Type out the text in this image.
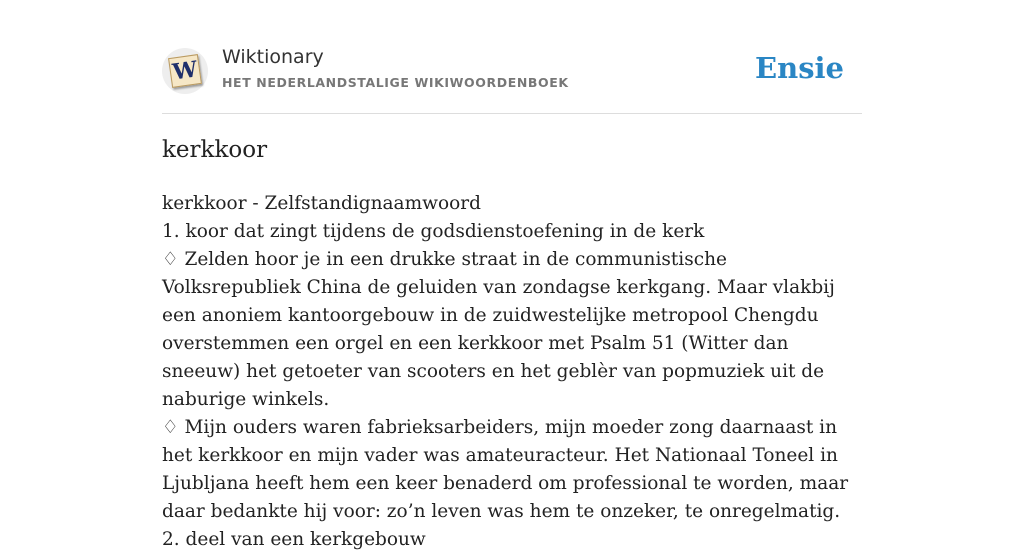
W Wiktionary
HET NEDERLANDSTALIGE WIKIWOORDENBOEK	Ensie
kerkkoor
kerkkoor - Zelfstandignaamwoord
1. koor dat zingt tijdens de godsdienstoefening in de kerk
♢ Zelden hoor je in een drukke straat in de communistische Volksrepubliek China de geluiden van zondagse kerkgang. Maar vlakbij een anoniem kantoorgebouw in de zuidwestelijke metropool Chengdu overstemmen een orgel en een kerkkoor met Psalm 51 (Witter dan sneeuw) het getoeter van scooters en het geblèr van popmuziek uit de naburige winkels.
♢ Mijn ouders waren fabrieksarbeiders, mijn moeder zong daarnaast in het kerkkoor en mijn vader was amateuracteur. Het Nationaal Toneel in Ljubljana heeft hem een keer benaderd om professional te worden, maar daar bedankte hij voor: zo’n leven was hem te onzeker, te onregelmatig.
2. deel van een kerkgebouw
